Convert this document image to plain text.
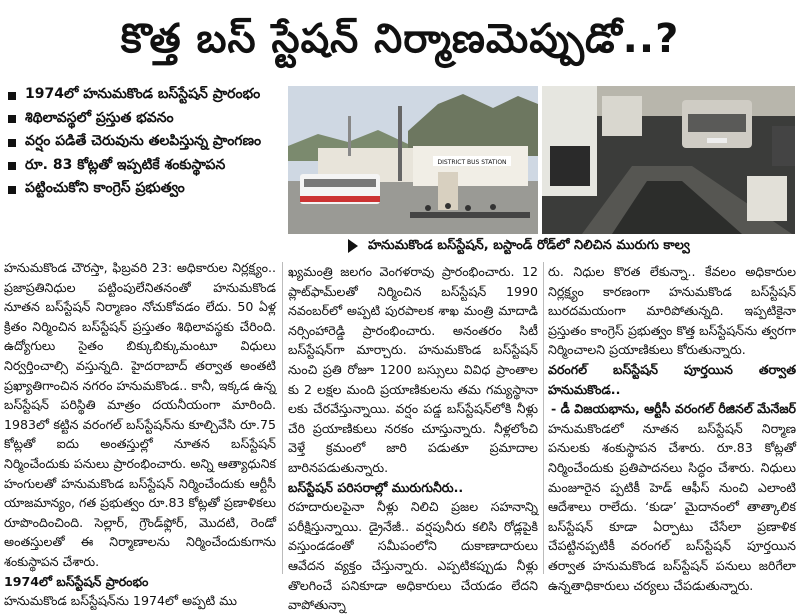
కొత్త బస్ స్టేషన్ నిర్మాణమెప్పుడో..?
1974లో హనుమకొండ బస్‌స్టేషన్ ప్రారంభం
శిథిలావస్థలో ప్రస్తుత భవనం
వర్షం పడితే చెరువును తలపిస్తున్న ప్రాంగణం
రూ. 83 కోట్లతో ఇప్పటికే శంకుస్థాపన
పట్టించుకోని కాంగ్రెస్ ప్రభుత్వం
DISTRICT BUS STATION
హనుమకొండ బస్‌స్టేషన్, బస్టాండ్ రోడ్‌లో నిలిచిన మురుగు కాల్వ

హనుమకొండ చౌరస్తా, ఫిబ్రవరి 23: అధికారుల నిర్లక్ష్యం.. ప్రజాప్రతినిధుల పట్టింపులేనితనంతో హనుమకొండ నూతన బస్‌స్టేషన్ నిర్మాణం నోచుకోవడం లేదు. 50 ఏళ్ల క్రితం నిర్మించిన బస్‌స్టేషన్ ప్రస్తుతం శిథిలావస్థకు చేరింది. ఉద్యోగులు సైతం బిక్కుబిక్కుమంటూ విధులు నిర్వర్తించాల్సి వస్తున్నది. హైదరాబాద్ తర్వాత అంతటి ప్రఖ్యాతిగాంచిన నగరం హనుమకొండ.. కానీ, ఇక్కడ ఉన్న బస్‌స్టేషన్ పరిస్థితి మాత్రం దయనీయంగా మారింది. 1983లో కట్టిన వరంగల్ బస్‌స్టేషన్‌ను కూల్చివేసి రూ.75 కోట్లతో ఐదు అంతస్తుల్లో నూతన బస్‌స్టేషన్ నిర్మించేందుకు పనులు ప్రారంభించారు. అన్ని ఆత్యాధునిక హంగులతో హనుమకొండ బస్‌స్టేషన్ నిర్మించేందుకు ఆర్టీసీ యాజమాన్యం, గత ప్రభుత్వం రూ.83 కోట్లతో ప్రణాళికలు రూపొందించింది. సెల్లార్, గ్రౌండ్‌ఫ్లోర్, మొదటి, రెండో అంతస్తులతో ఈ నిర్మాణాలను నిర్మించేందుకుగాను శంకుస్థాపన చేశారు.

1974లో బస్‌స్టేషన్ ప్రారంభం

హనుమకొండ బస్‌స్టేషన్‌ను 1974లో అప్పటి ము

ఖ్యమంత్రి జలగం వెంగళరావు ప్రారంభించారు. 12 ప్లాట్‌ఫామ్‌లతో నిర్మించిన బస్‌స్టేషన్ 1990 నవంబర్‌లో అప్పటి పురపాలక శాఖ మంత్రి మాదాడి నర్సింహారెడ్డి ప్రారంభించారు. అనంతరం సిటీ బస్‌స్టేషన్‌గా మార్చారు. హనుమకొండ బస్‌స్టేషన్ నుంచి ప్రతి రోజూ 1200 బస్సులు వివిధ ప్రాంతాల కు 2 లక్షల మంది ప్రయాణికులను తమ గమ్యస్థానా లకు చేరవేస్తున్నాయి. వర్షం పడ్డ బస్‌స్టేషన్‌లోకి నీళ్లు చేరి ప్రయాణికులు నరకం చూస్తున్నారు. నీళ్లలోంచి వెళ్తే క్రమంలో జారి పడుతూ ప్రమాదాల బారినపడుతున్నారు.

బస్‌స్టేషన్ పరిసరాల్లో మురుగునీరు..

రహదారులపైనా నీళ్లు నిలిచి ప్రజల సహనాన్ని పరీక్షిస్తున్నాయి. డ్రైనేజీ.. వర్షపునీరు కలిసి రోడ్లపైకి వస్తుండడంతో సమీపంలోని దుకాణాదారులు ఆవేదన వ్యక్తం చేస్తున్నారు. ఎప్పటికప్పుడు నీళ్లు తొలగించే పనికూడా అధికారులు చేయడం లేదని వాపోతున్నా

రు. నిధుల కొరత లేకున్నా.. కేవలం అధికారుల నిర్లక్ష్యం కారణంగా హనుమకొండ బస్‌స్టేషన్ బురదమయంగా మారిపోతున్నది. ఇప్పటికైనా ప్రస్తుతం కాంగ్రెస్ ప్రభుత్వం కొత్త బస్‌స్టేషన్‌ను త్వరగా నిర్మించాలని ప్రయాణికులు కోరుతున్నారు.

వరంగల్ బస్‌స్టేషన్ పూర్తయిన తర్వాత హనుమకొండ..

- డీ విజయభాను, ఆర్టీసీ వరంగల్ రీజినల్ మేనేజర్

హనుమకొండలో నూతన బస్‌స్టేషన్ నిర్మాణ పనులకు శంకుస్థాపన చేశారు. రూ.83 కోట్లతో నిర్మించేందుకు ప్రతిపాదనలు సిద్ధం చేశారు. నిధులు మంజూరైన ప్పటికీ హెడ్ ఆఫీస్ నుంచి ఎలాంటి ఆదేశాలు రాలేదు. ‘కుడా’ మైదానంలో తాత్కాలిక బస్‌స్టేషన్ కూడా ఏర్పాటు చేసేలా ప్రణాళిక చేపట్టినప్పటికీ వరంగల్ బస్‌స్టేషన్ పూర్తయిన తర్వాత హనుమకొండ బస్‌స్టేషన్ పనులు జరిగేలా ఉన్నతాధికారులు చర్యలు చేపడుతున్నారు.
